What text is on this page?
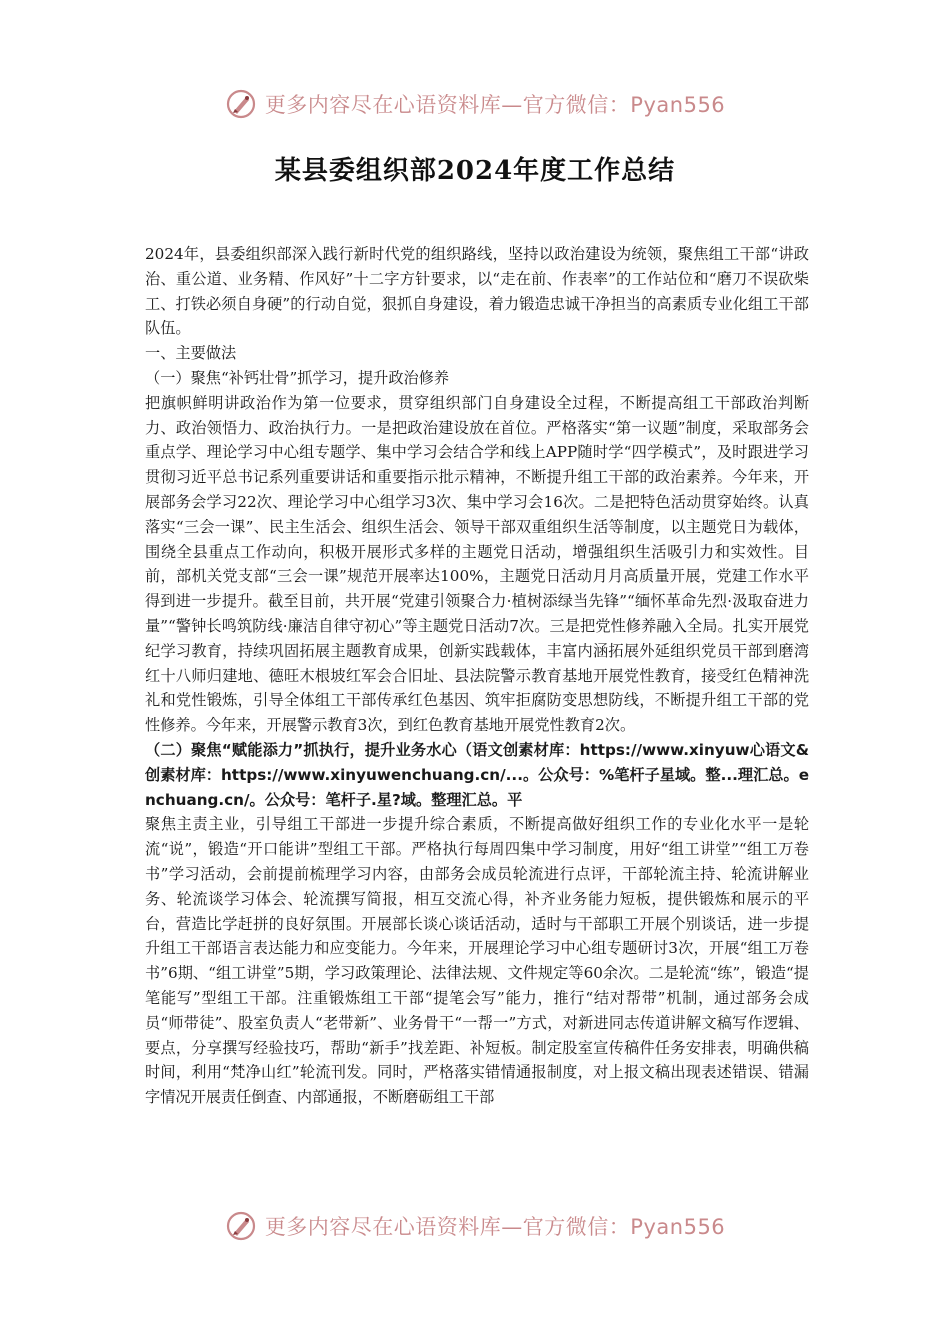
更多内容尽在心语资料库—官方微信：Pyan556
某县委组织部2024年度工作总结

2024年，县委组织部深入践行新时代党的组织路线，坚持以政治建设为统领，聚焦组工干部“讲政治、重公道、业务精、作风好”十二字方针要求，以“走在前、作表率”的工作站位和“磨刀不误砍柴工、打铁必须自身硬”的行动自觉，狠抓自身建设，着力锻造忠诚干净担当的高素质专业化组工干部队伍。

一、主要做法

（一）聚焦“补钙壮骨”抓学习，提升政治修养

把旗帜鲜明讲政治作为第一位要求，贯穿组织部门自身建设全过程，不断提高组工干部政治判断力、政治领悟力、政治执行力。一是把政治建设放在首位。严格落实“第一议题”制度，采取部务会重点学、理论学习中心组专题学、集中学习会结合学和线上APP随时学“四学模式”，及时跟进学习贯彻习近平总书记系列重要讲话和重要指示批示精神，不断提升组工干部的政治素养。今年来，开展部务会学习22次、理论学习中心组学习3次、集中学习会16次。二是把特色活动贯穿始终。认真落实“三会一课”、民主生活会、组织生活会、领导干部双重组织生活等制度，以主题党日为载体，围绕全县重点工作动向，积极开展形式多样的主题党日活动，增强组织生活吸引力和实效性。目前，部机关党支部“三会一课”规范开展率达100%，主题党日活动月月高质量开展，党建工作水平得到进一步提升。截至目前，共开展“党建引领聚合力·植树添绿当先锋”“缅怀革命先烈·汲取奋进力量”“警钟长鸣筑防线·廉洁自律守初心”等主题党日活动7次。三是把党性修养融入全局。扎实开展党纪学习教育，持续巩固拓展主题教育成果，创新实践载体，丰富内涵拓展外延组织党员干部到磨湾红十八师归建地、德旺木根坡红军会合旧址、县法院警示教育基地开展党性教育，接受红色精神洗礼和党性锻炼，引导全体组工干部传承红色基因、筑牢拒腐防变思想防线，不断提升组工干部的党性修养。今年来，开展警示教育3次，到红色教育基地开展党性教育2次。

（二）聚焦“赋能添力”抓执行，提升业务水心（语文创素材库：https://www.xinyuw心语文&创素材库：https://www.xinyuwenchuang.cn/...。公众号：%笔杆子星域。整...理汇总。enchuang.cn/。公众号：笔杆子.星?域。整理汇总。平

聚焦主责主业，引导组工干部进一步提升综合素质，不断提高做好组织工作的专业化水平一是轮流“说”，锻造“开口能讲”型组工干部。严格执行每周四集中学习制度，用好“组工讲堂”“组工万卷书”学习活动，会前提前梳理学习内容，由部务会成员轮流进行点评，干部轮流主持、轮流讲解业务、轮流谈学习体会、轮流撰写简报，相互交流心得，补齐业务能力短板，提供锻炼和展示的平台，营造比学赶拼的良好氛围。开展部长谈心谈话活动，适时与干部职工开展个别谈话，进一步提升组工干部语言表达能力和应变能力。今年来，开展理论学习中心组专题研讨3次，开展“组工万卷书”6期、“组工讲堂”5期，学习政策理论、法律法规、文件规定等60余次。二是轮流“练”，锻造“提笔能写”型组工干部。注重锻炼组工干部“提笔会写”能力，推行“结对帮带”机制，通过部务会成员“师带徒”、股室负责人“老带新”、业务骨干“一帮一”方式，对新进同志传道讲解文稿写作逻辑、要点，分享撰写经验技巧，帮助“新手”找差距、补短板。制定股室宣传稿件任务安排表，明确供稿时间，利用“梵净山红”轮流刊发。同时，严格落实错情通报制度，对上报文稿出现表述错误、错漏字情况开展责任倒查、内部通报，不断磨砺组工干部

更多内容尽在心语资料库—官方微信：Pyan556
